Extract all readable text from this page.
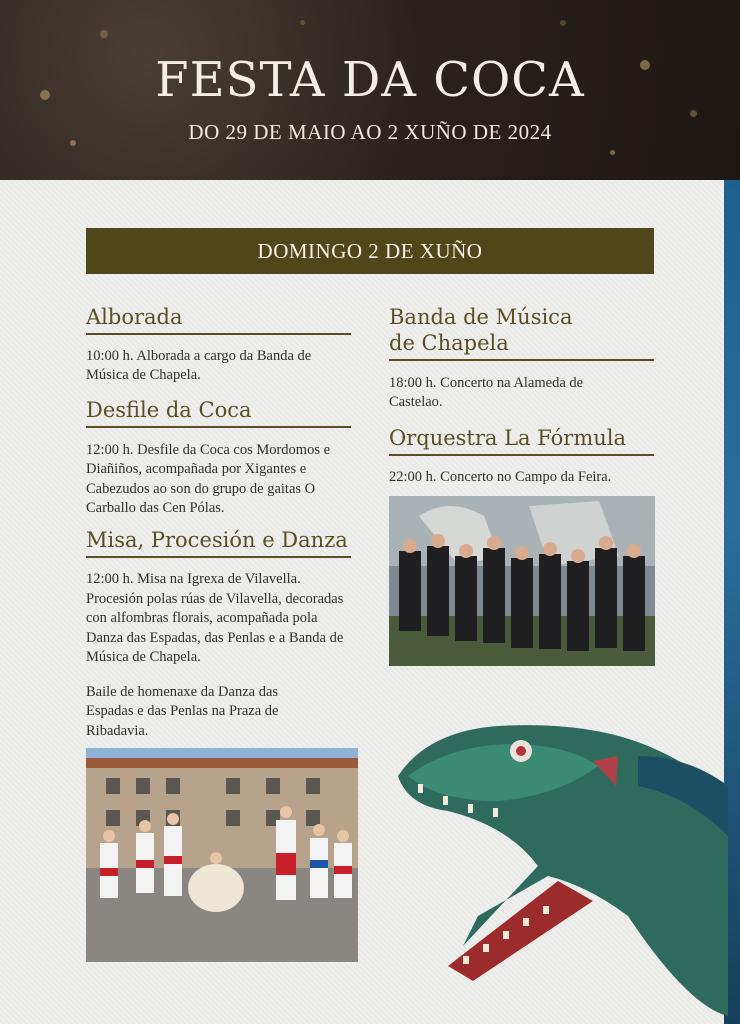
FESTA DA COCA
DO 29 DE MAIO AO 2 XUÑO DE 2024
DOMINGO 2 DE XUÑO
Alborada

10:00 h. Alborada a cargo da Banda de Música de Chapela.

Desfile da Coca

12:00 h. Desfile da Coca cos Mordomos e Diañiños, acompañada por Xigantes e Cabezudos ao son do grupo de gaitas O Carballo das Cen Pólas.

Misa, Procesión e Danza

12:00 h. Misa na Igrexa de Vilavella.

Procesión polas rúas de Vilavella, decoradas con alfombras florais, acompañada pola Danza das Espadas, das Penlas e a Banda de Música de Chapela.

Baile de homenaxe da Danza das Espadas e das Penlas na Praza de Ribadavia.

Banda de Música
de Chapela

18:00 h. Concerto na Alameda de Castelao.

Orquestra La Fórmula

22:00 h. Concerto no Campo da Feira.
